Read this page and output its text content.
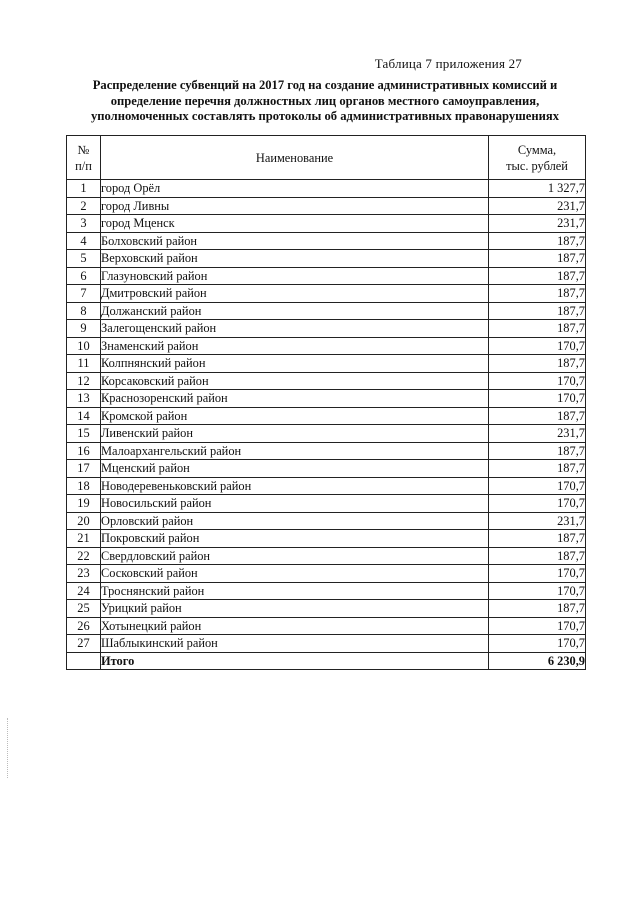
Таблица 7 приложения 27
Распределение субвенций на 2017 год на создание административных комиссий и
определение перечня должностных лиц органов местного самоуправления,
уполномоченных составлять протоколы об административных правонарушениях
№
п/п	Наименование	Сумма,
тыс. рублей
1	город Орёл	1 327,7
2	город Ливны	231,7
3	город Мценск	231,7
4	Болховский район	187,7
5	Верховский район	187,7
6	Глазуновский район	187,7
7	Дмитровский район	187,7
8	Должанский район	187,7
9	Залегощенский район	187,7
10	Знаменский район	170,7
11	Колпнянский район	187,7
12	Корсаковский район	170,7
13	Краснозоренский район	170,7
14	Кромской район	187,7
15	Ливенский район	231,7
16	Малоархангельский район	187,7
17	Мценский район	187,7
18	Новодеревеньковский район	170,7
19	Новосильский район	170,7
20	Орловский район	231,7
21	Покровский район	187,7
22	Свердловский район	187,7
23	Сосковский район	170,7
24	Троснянский район	170,7
25	Урицкий район	187,7
26	Хотынецкий район	170,7
27	Шаблыкинский район	170,7
	Итого	6 230,9
